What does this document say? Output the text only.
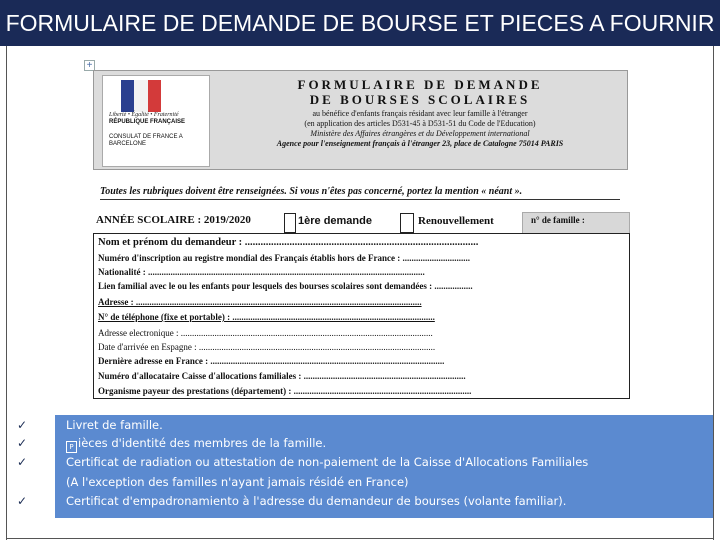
FORMULAIRE DE DEMANDE DE BOURSE ET PIECES A FOURNIR
+
Liberté • Égalité • Fraternité
RÉPUBLIQUE FRANÇAISE
CONSULAT DE FRANCE A BARCELONE
FORMULAIRE DE DEMANDE
DE BOURSES SCOLAIRES
au bénéfice d'enfants français résidant avec leur famille à l'étranger
(en application des articles D531-45 à D531-51 du Code de l'Education)
Ministère des Affaires étrangères et du Développement international
Agence pour l'enseignement français à l'étranger 23, place de Catalogne 75014 PARIS
Toutes les rubriques doivent être renseignées. Si vous n'êtes pas concerné, portez la mention « néant ».
ANNÉE SCOLAIRE : 2019/2020	1ère demande	Renouvellement	n° de famille :
Nom et prénom du demandeur : .........................................................................................
Numéro d'inscription au registre mondial des Français établis hors de France : ..............................
Nationalité : ...........................................................................................................................
Lien familial avec le ou les enfants pour lesquels des bourses scolaires sont demandées : .................
Adresse : ...............................................................................................................................
N° de téléphone (fixe et portable) : ..........................................................................................
Adresse electronique : ................................................................................................................
Date d'arrivée en Espagne : .........................................................................................................
Dernière adresse en France : ........................................................................................................
Numéro d'allocataire Caisse d'allocations familiales : ........................................................................
Organisme payeur des prestations (département) : ...............................................................................
✓	Livret de famille.
✓	P ièces d'identité des membres de la famille.
✓	Certificat de radiation ou attestation de non-paiement de la Caisse d'Allocations Familiales
(A l'exception des familles n'ayant jamais résidé en France)
✓	Certificat d'empadronamiento à l'adresse du demandeur de bourses (volante familiar).
